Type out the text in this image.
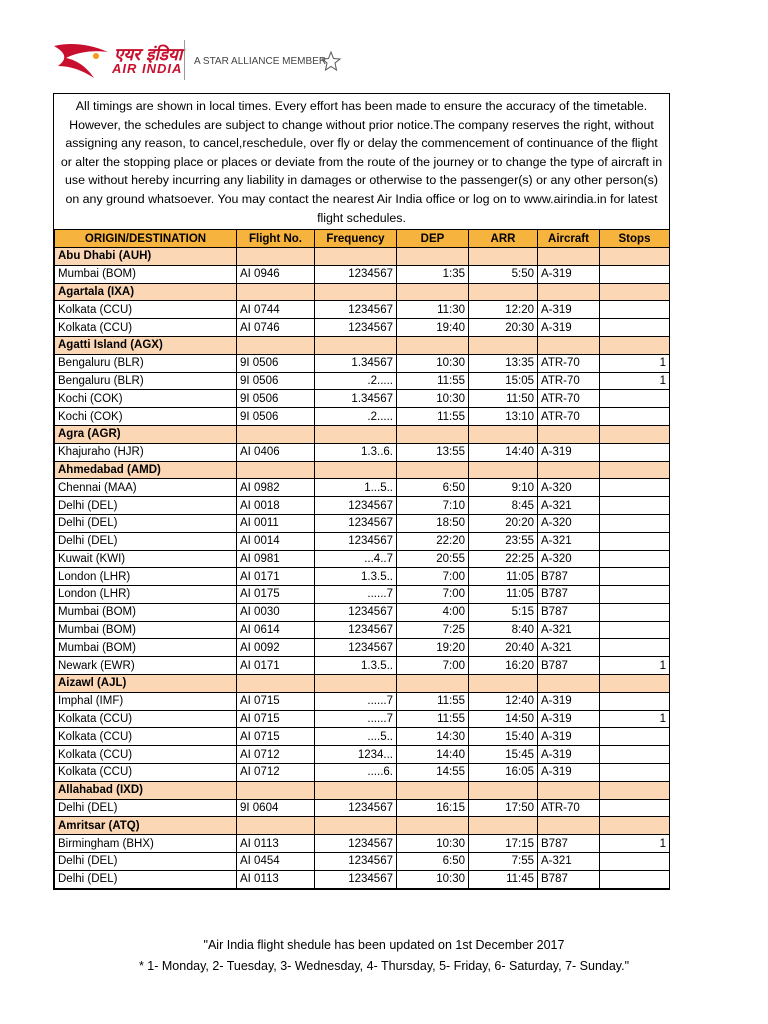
एयर इंडिया
AIR INDIA A STAR ALLIANCE MEMBER
All timings are shown in local times. Every effort has been made to ensure the accuracy of the timetable. However, the schedules are subject to change without prior notice.The company reserves the right, without assigning any reason, to cancel,reschedule, over fly or delay the commencement of continuance of the flight or alter the stopping place or places or deviate from the route of the journey or to change the type of aircraft in use without hereby incurring any liability in damages or otherwise to the passenger(s) or any other person(s) on any ground whatsoever. You may contact the nearest Air India office or log on to www.airindia.in for latest flight schedules.
ORIGIN/DESTINATION	Flight No.	Frequency	DEP	ARR	Aircraft	Stops
Abu Dhabi (AUH)						
Mumbai (BOM)	AI 0946	1234567	1:35	5:50	A-319	
Agartala (IXA)						
Kolkata (CCU)	AI 0744	1234567	11:30	12:20	A-319	
Kolkata (CCU)	AI 0746	1234567	19:40	20:30	A-319	
Agatti Island (AGX)						
Bengaluru (BLR)	9I 0506	1.34567	10:30	13:35	ATR-70	1
Bengaluru (BLR)	9I 0506	.2.....	11:55	15:05	ATR-70	1
Kochi (COK)	9I 0506	1.34567	10:30	11:50	ATR-70	
Kochi (COK)	9I 0506	.2.....	11:55	13:10	ATR-70	
Agra (AGR)						
Khajuraho (HJR)	AI 0406	1.3..6.	13:55	14:40	A-319	
Ahmedabad (AMD)						
Chennai (MAA)	AI 0982	1...5..	6:50	9:10	A-320	
Delhi (DEL)	AI 0018	1234567	7:10	8:45	A-321	
Delhi (DEL)	AI 0011	1234567	18:50	20:20	A-320	
Delhi (DEL)	AI 0014	1234567	22:20	23:55	A-321	
Kuwait (KWI)	AI 0981	...4..7	20:55	22:25	A-320	
London (LHR)	AI 0171	1.3.5..	7:00	11:05	B787	
London (LHR)	AI 0175	......7	7:00	11:05	B787	
Mumbai (BOM)	AI 0030	1234567	4:00	5:15	B787	
Mumbai (BOM)	AI 0614	1234567	7:25	8:40	A-321	
Mumbai (BOM)	AI 0092	1234567	19:20	20:40	A-321	
Newark (EWR)	AI 0171	1.3.5..	7:00	16:20	B787	1
Aizawl (AJL)						
Imphal (IMF)	AI 0715	......7	11:55	12:40	A-319	
Kolkata (CCU)	AI 0715	......7	11:55	14:50	A-319	1
Kolkata (CCU)	AI 0715	....5..	14:30	15:40	A-319	
Kolkata (CCU)	AI 0712	1234...	14:40	15:45	A-319	
Kolkata (CCU)	AI 0712	.....6.	14:55	16:05	A-319	
Allahabad (IXD)						
Delhi (DEL)	9I 0604	1234567	16:15	17:50	ATR-70	
Amritsar (ATQ)						
Birmingham (BHX)	AI 0113	1234567	10:30	17:15	B787	1
Delhi (DEL)	AI 0454	1234567	6:50	7:55	A-321	
Delhi (DEL)	AI 0113	1234567	10:30	11:45	B787	
"Air India flight shedule has been updated on 1st December 2017
* 1- Monday, 2- Tuesday, 3- Wednesday, 4- Thursday, 5- Friday, 6- Saturday, 7- Sunday."
